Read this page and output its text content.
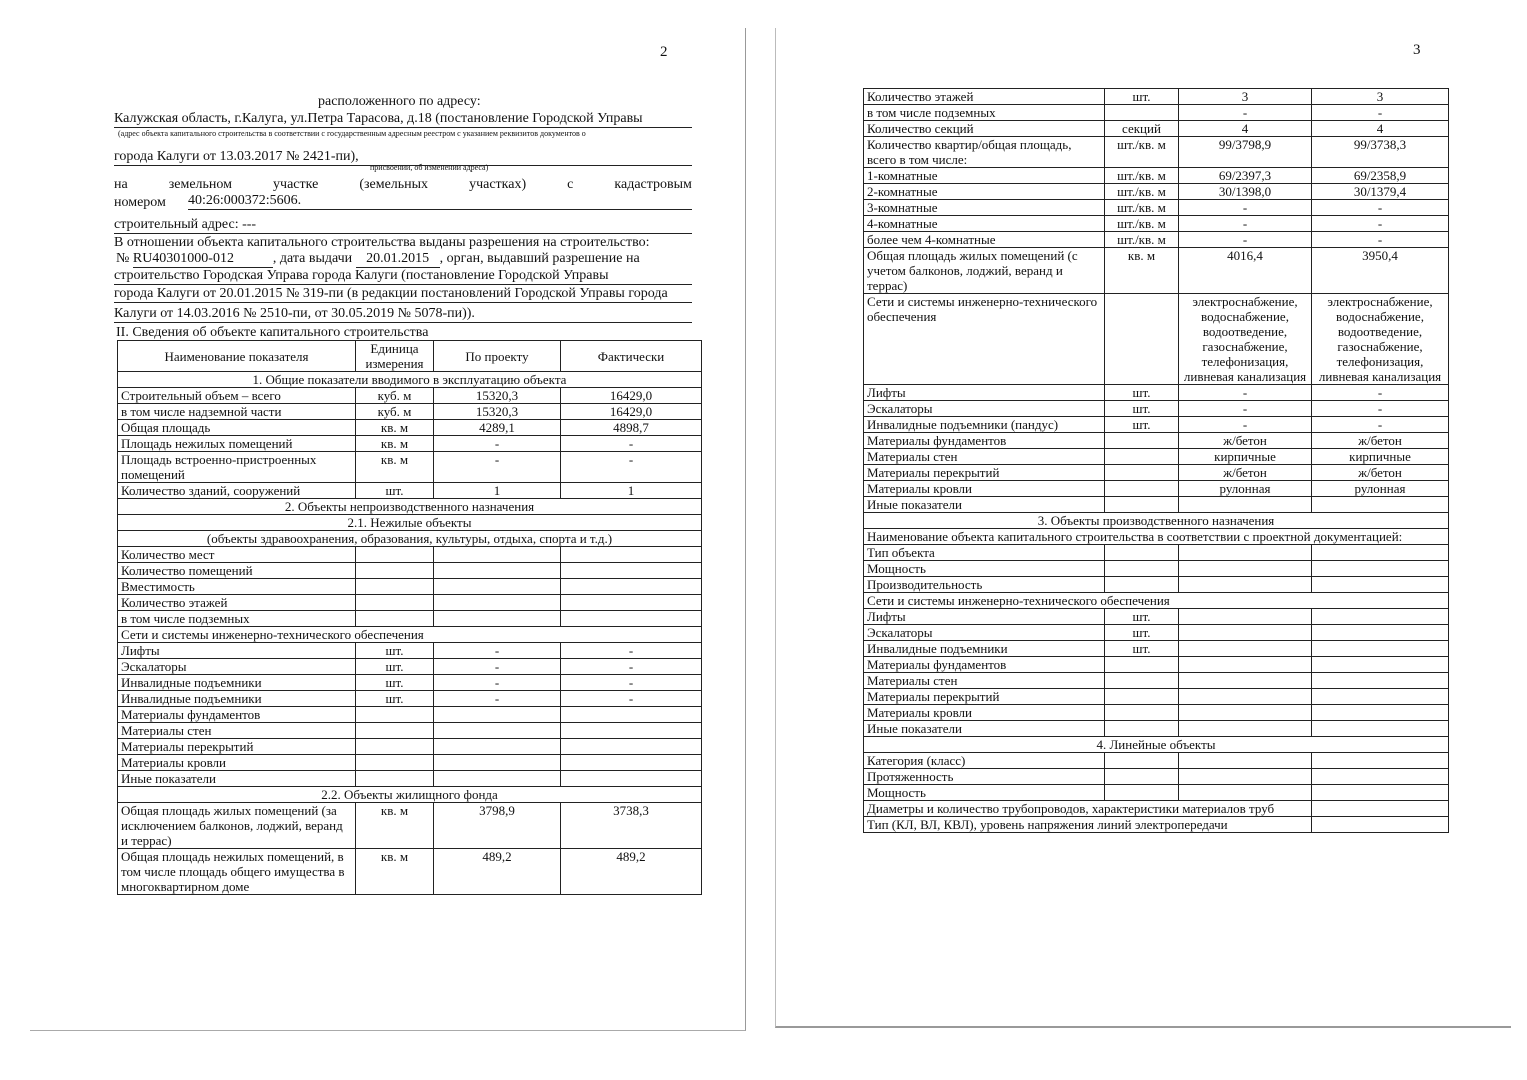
2
расположенного по адресу:
Калужская область, г.Калуга, ул.Петра Тарасова, д.18 (постановление Городской Управы
(адрес объекта капитального строительства в соответствии с государственным адресным реестром с указанием реквизитов документов о
города Калуги от 13.03.2017 № 2421-пи),
присвоении, об изменении адреса)
на	земельном	участке	(земельных	участках)	с	кадастровым
номером 40:26:000372:5606.
строительный адрес: ---
В отношении объекта капитального строительства выданы разрешения на строительство:
№ RU40301000-012	, дата выдачи 20.01.2015 , орган, выдавший разрешение на
строительство Городская Управа города Калуги (постановление Городской Управы
города Калуги от 20.01.2015 № 319-пи (в редакции постановлений Городской Управы города
Калуги от 14.03.2016 № 2510-пи, от 30.05.2019 № 5078-пи)).
II. Сведения об объекте капитального строительства
Наименование показателя	Единица измерения	По проекту	Фактически
1. Общие показатели вводимого в эксплуатацию объекта			
Строительный объем – всего	куб. м	15320,3	16429,0
в том числе надземной части	куб. м	15320,3	16429,0
Общая площадь	кв. м	4289,1	4898,7
Площадь нежилых помещений	кв. м	-	-
Площадь встроенно-пристроенных помещений	кв. м	-	-
Количество зданий, сооружений	шт.	1	1
2. Объекты непроизводственного назначения			
2.1. Нежилые объекты			
(объекты здравоохранения, образования, культуры, отдыха, спорта и т.д.)			
Количество мест			
Количество помещений			
Вместимость			
Количество этажей			
в том числе подземных			
Сети и системы инженерно-технического обеспечения			
Лифты	шт.	-	-
Эскалаторы	шт.	-	-
Инвалидные подъемники	шт.	-	-
Инвалидные подъемники	шт.	-	-
Материалы фундаментов			
Материалы стен			
Материалы перекрытий			
Материалы кровли			
Иные показатели			
2.2. Объекты жилищного фонда			
Общая площадь жилых помещений (за исключением балконов, лоджий, веранд и террас)	кв. м	3798,9	3738,3
Общая площадь нежилых помещений, в том числе площадь общего имущества в многоквартирном доме	кв. м	489,2	489,2
3
Количество этажей	шт.	3	3
в том числе подземных		-	-
Количество секций	секций	4	4
Количество квартир/общая площадь, всего в том числе:	шт./кв. м	99/3798,9	99/3738,3
1-комнатные	шт./кв. м	69/2397,3	69/2358,9
2-комнатные	шт./кв. м	30/1398,0	30/1379,4
3-комнатные	шт./кв. м	-	-
4-комнатные	шт./кв. м	-	-
более чем 4-комнатные	шт./кв. м	-	-
Общая площадь жилых помещений (с учетом балконов, лоджий, веранд и террас)	кв. м	4016,4	3950,4
Сети и системы инженерно-технического обеспечения		электроснабжение, водоснабжение, водоотведение, газоснабжение, телефонизация, ливневая канализация	электроснабжение, водоснабжение, водоотведение, газоснабжение, телефонизация, ливневая канализация
Лифты	шт.	-	-
Эскалаторы	шт.	-	-
Инвалидные подъемники (пандус)	шт.	-	-
Материалы фундаментов		ж/бетон	ж/бетон
Материалы стен		кирпичные	кирпичные
Материалы перекрытий		ж/бетон	ж/бетон
Материалы кровли		рулонная	рулонная
Иные показатели			
3. Объекты производственного назначения			
Наименование объекта капитального строительства в соответствии с проектной документацией:			
Тип объекта			
Мощность			
Производительность			
Сети и системы инженерно-технического обеспечения			
Лифты	шт.		
Эскалаторы	шт.		
Инвалидные подъемники	шт.		
Материалы фундаментов			
Материалы стен			
Материалы перекрытий			
Материалы кровли			
Иные показатели			
4. Линейные объекты			
Категория (класс)			
Протяженность			
Мощность			
Диаметры и количество трубопроводов, характеристики материалов труб			
Тип (КЛ, ВЛ, КВЛ), уровень напряжения линий электропередачи			
